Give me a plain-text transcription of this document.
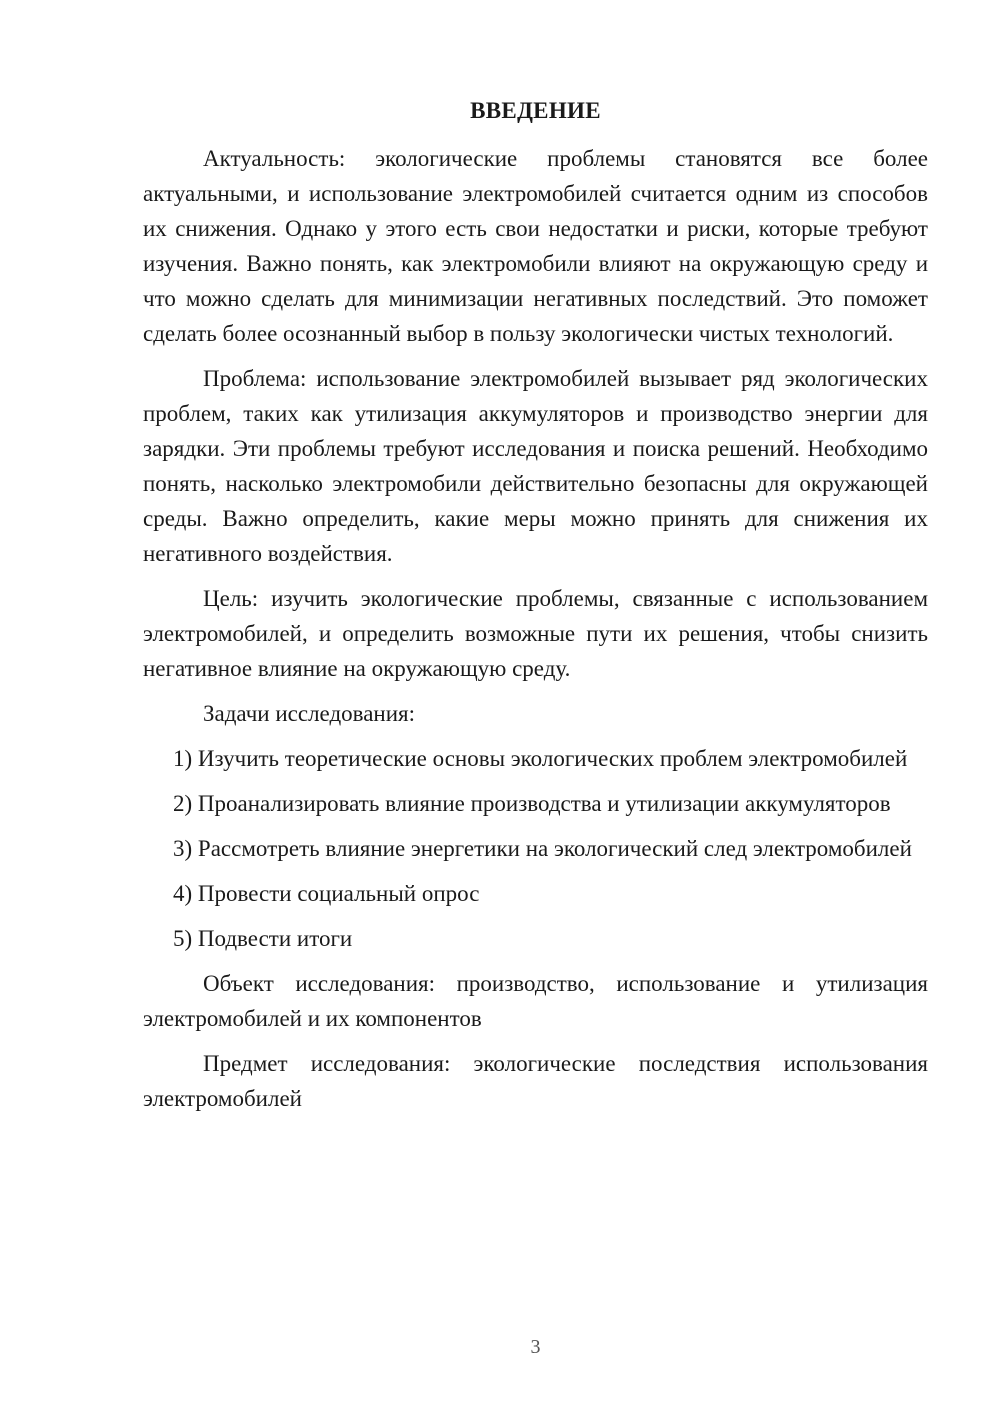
ВВЕДЕНИЕ

Актуальность: экологические проблемы становятся все более актуальными, и использование электромобилей считается одним из способов их снижения. Однако у этого есть свои недостатки и риски, которые требуют изучения. Важно понять, как электромобили влияют на окружающую среду и что можно сделать для минимизации негативных последствий. Это поможет сделать более осознанный выбор в пользу экологически чистых технологий.

Проблема: использование электромобилей вызывает ряд экологических проблем, таких как утилизация аккумуляторов и производство энергии для зарядки. Эти проблемы требуют исследования и поиска решений. Необходимо понять, насколько электромобили действительно безопасны для окружающей среды. Важно определить, какие меры можно принять для снижения их негативного воздействия.

Цель: изучить экологические проблемы, связанные с использованием электромобилей, и определить возможные пути их решения, чтобы снизить негативное влияние на окружающую среду.

Задачи исследования:

1) Изучить теоретические основы экологических проблем электромобилей

2) Проанализировать влияние производства и утилизации аккумуляторов

3) Рассмотреть влияние энергетики на экологический след электромобилей

4) Провести социальный опрос

5) Подвести итоги

Объект исследования: производство, использование и утилизация электромобилей и их компонентов

Предмет исследования: экологические последствия использования электромобилей

3
